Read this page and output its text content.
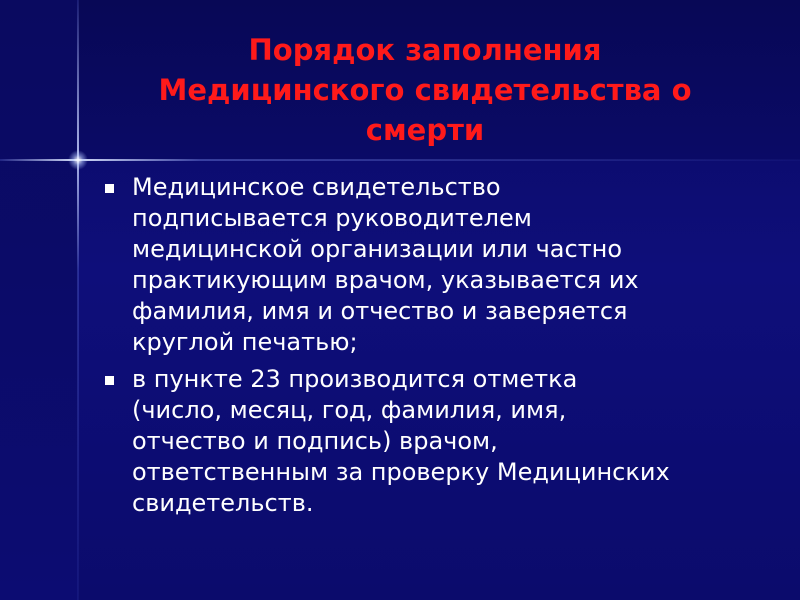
Порядок заполнения
Медицинского свидетельства о
смерти
Медицинское свидетельство
подписывается руководителем
медицинской организации или частно
практикующим врачом, указывается их
фамилия, имя и отчество и заверяется
круглой печатью;
в пункте 23 производится отметка
(число, месяц, год, фамилия, имя,
отчество и подпись) врачом,
ответственным за проверку Медицинских
свидетельств.
